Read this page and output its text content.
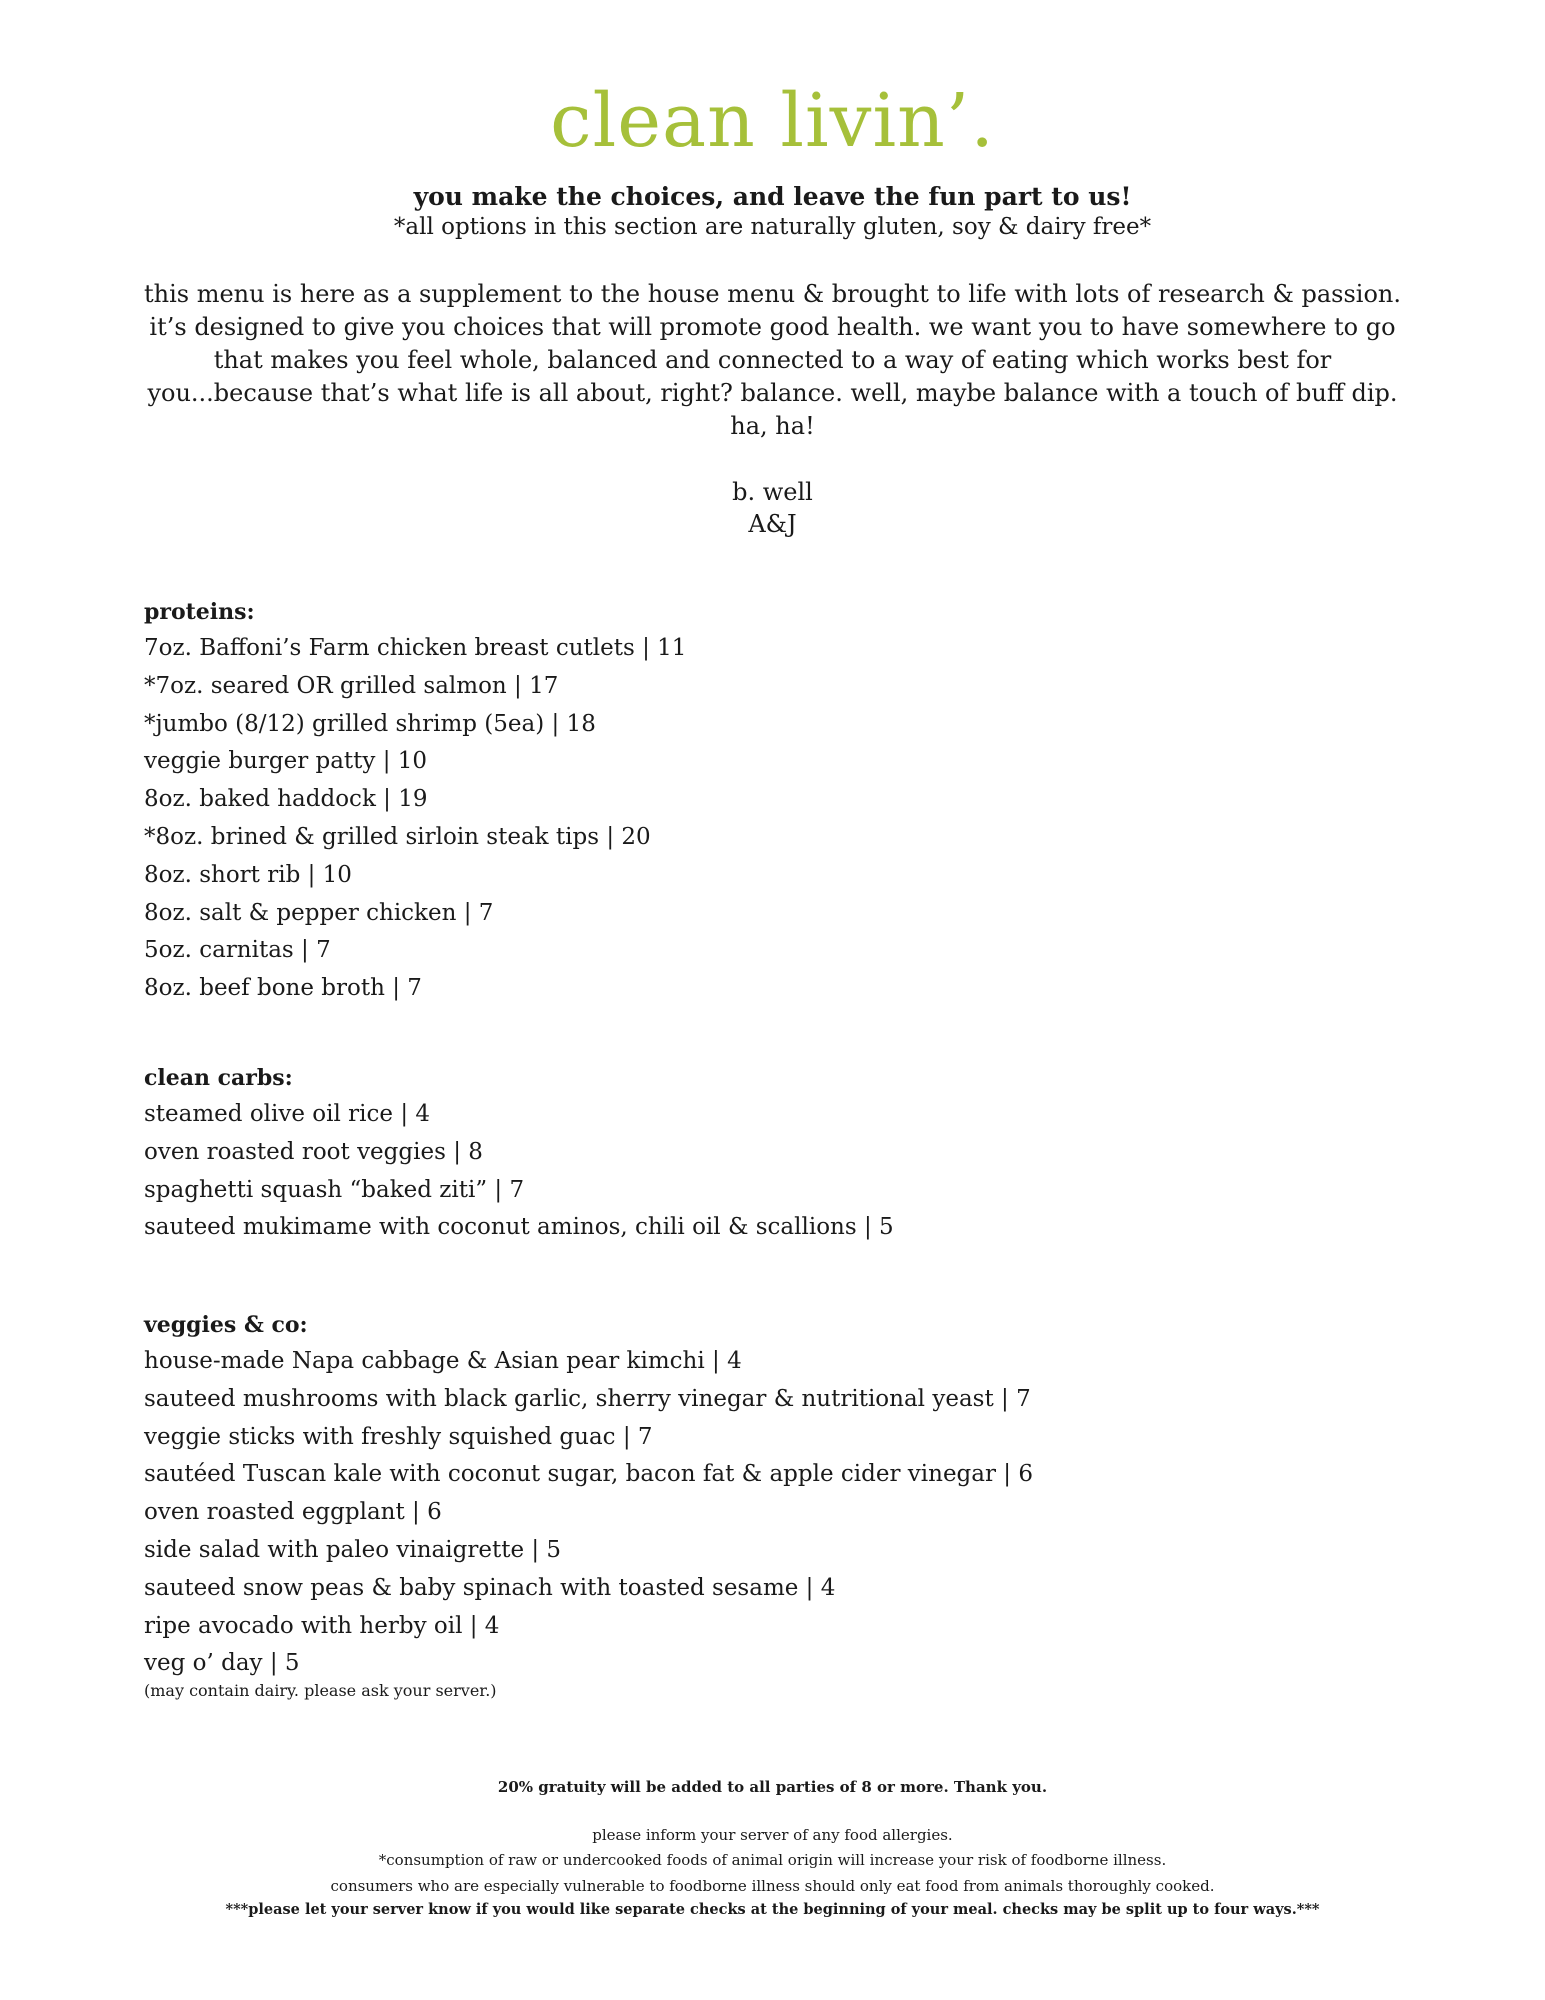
clean livin’.
you make the choices, and leave the fun part to us!
*all options in this section are naturally gluten, soy & dairy free*
this menu is here as a supplement to the house menu & brought to life with lots of research & passion. it’s designed to give you choices that will promote good health. we want you to have somewhere to go that makes you feel whole, balanced and connected to a way of eating which works best for you...because that’s what life is all about, right? balance. well, maybe balance with a touch of buff dip. ha, ha!
b. well
A&J
proteins:
7oz. Baffoni’s Farm chicken breast cutlets | 11
*7oz. seared OR grilled salmon | 17
*jumbo (8/12) grilled shrimp (5ea) | 18
veggie burger patty | 10
8oz. baked haddock | 19
*8oz. brined & grilled sirloin steak tips | 20
8oz. short rib | 10
8oz. salt & pepper chicken | 7
5oz. carnitas | 7
8oz. beef bone broth | 7
clean carbs:
steamed olive oil rice | 4
oven roasted root veggies | 8
spaghetti squash “baked ziti” | 7
sauteed mukimame with coconut aminos, chili oil & scallions | 5
veggies & co:
house-made Napa cabbage & Asian pear kimchi | 4
sauteed mushrooms with black garlic, sherry vinegar & nutritional yeast | 7
veggie sticks with freshly squished guac | 7
sautéed Tuscan kale with coconut sugar, bacon fat & apple cider vinegar | 6
oven roasted eggplant | 6
side salad with paleo vinaigrette | 5
sauteed snow peas & baby spinach with toasted sesame | 4
ripe avocado with herby oil | 4
veg o’ day | 5
(may contain dairy. please ask your server.)
20% gratuity will be added to all parties of 8 or more. Thank you.
please inform your server of any food allergies.
*consumption of raw or undercooked foods of animal origin will increase your risk of foodborne illness.
consumers who are especially vulnerable to foodborne illness should only eat food from animals thoroughly cooked.
***please let your server know if you would like separate checks at the beginning of your meal. checks may be split up to four ways.***
